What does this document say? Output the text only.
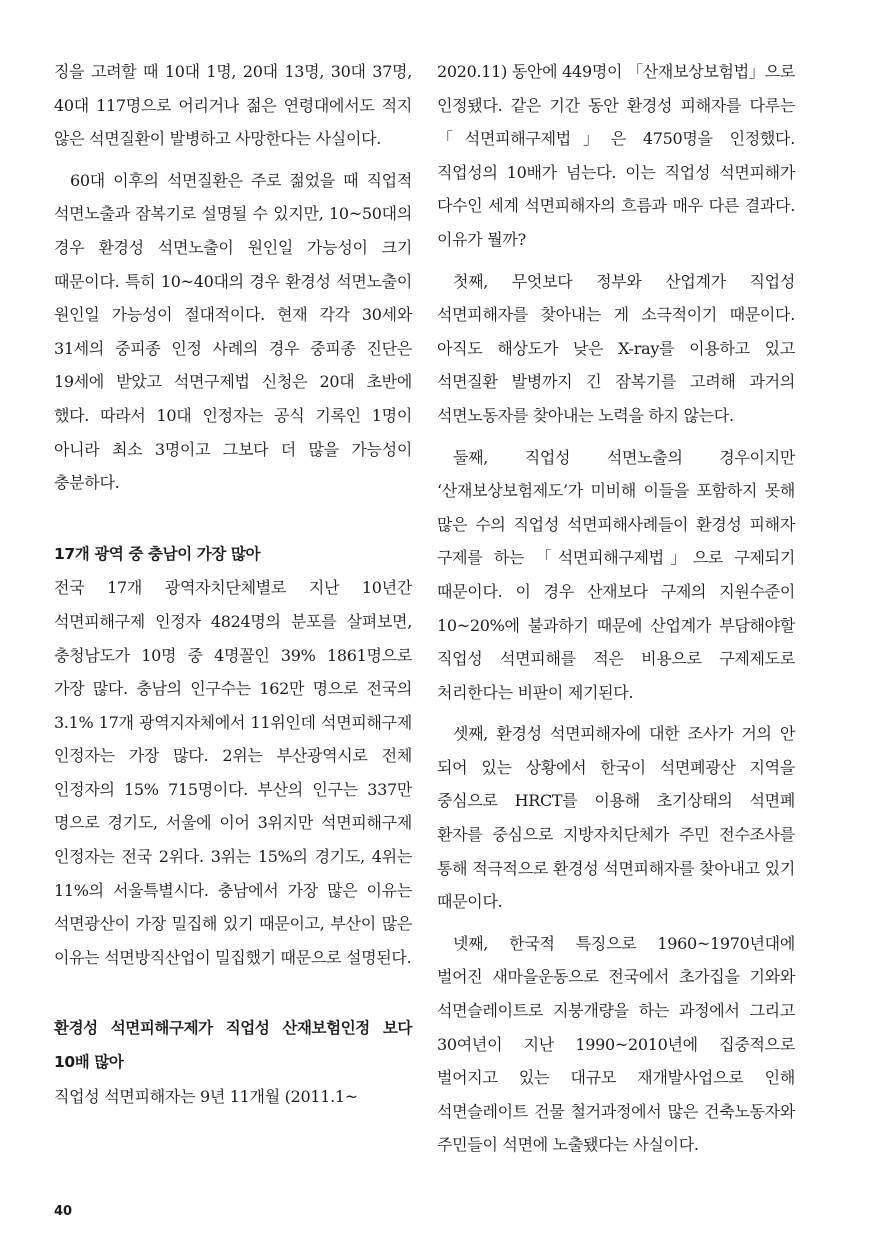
징을 고려할 때 10대 1명, 20대 13명, 30대 37명, 40대 117명으로 어리거나 젊은 연령대에서도 적지 않은 석면질환이 발병하고 사망한다는 사실이다.

60대 이후의 석면질환은 주로 젊었을 때 직업적 석면노출과 잠복기로 설명될 수 있지만, 10~50대의 경우 환경성 석면노출이 원인일 가능성이 크기 때문이다. 특히 10~40대의 경우 환경성 석면노출이 원인일 가능성이 절대적이다. 현재 각각 30세와 31세의 중피종 인정 사례의 경우 중피종 진단은 19세에 받았고 석면구제법 신청은 20대 초반에 했다. 따라서 10대 인정자는 공식 기록인 1명이 아니라 최소 3명이고 그보다 더 많을 가능성이 충분하다.

17개 광역 중 충남이 가장 많아

전국 17개 광역자치단체별로 지난 10년간 석면피해구제 인정자 4824명의 분포를 살펴보면, 충청남도가 10명 중 4명꼴인 39% 1861명으로 가장 많다. 충남의 인구수는 162만 명으로 전국의 3.1% 17개 광역지자체에서 11위인데 석면피해구제 인정자는 가장 많다. 2위는 부산광역시로 전체 인정자의 15% 715명이다. 부산의 인구는 337만 명으로 경기도, 서울에 이어 3위지만 석면피해구제 인정자는 전국 2위다. 3위는 15%의 경기도, 4위는 11%의 서울특별시다. 충남에서 가장 많은 이유는 석면광산이 가장 밀집해 있기 때문이고, 부산이 많은 이유는 석면방직산업이 밀집했기 때문으로 설명된다.

환경성 석면피해구제가 직업성 산재보험인정 보다 10배 많아

직업성 석면피해자는 9년 11개월 (2011.1~

2020.11) 동안에 449명이 「산재보상보험법」으로 인정됐다. 같은 기간 동안 환경성 피해자를 다루는 「석면피해구제법」은 4750명을 인정했다. 직업성의 10배가 넘는다. 이는 직업성 석면피해가 다수인 세계 석면피해자의 흐름과 매우 다른 결과다. 이유가 뭘까?

첫째, 무엇보다 정부와 산업계가 직업성 석면피해자를 찾아내는 게 소극적이기 때문이다. 아직도 해상도가 낮은 X-ray를 이용하고 있고 석면질환 발병까지 긴 잠복기를 고려해 과거의 석면노동자를 찾아내는 노력을 하지 않는다.

둘째, 직업성 석면노출의 경우이지만 ‘산재보상보험제도’가 미비해 이들을 포함하지 못해 많은 수의 직업성 석면피해사례들이 환경성 피해자 구제를 하는 「석면피해구제법」으로 구제되기 때문이다. 이 경우 산재보다 구제의 지원수준이 10~20%에 불과하기 때문에 산업계가 부담해야할 직업성 석면피해를 적은 비용으로 구제제도로 처리한다는 비판이 제기된다.

셋째, 환경성 석면피해자에 대한 조사가 거의 안 되어 있는 상황에서 한국이 석면폐광산 지역을 중심으로 HRCT를 이용해 초기상태의 석면폐 환자를 중심으로 지방자치단체가 주민 전수조사를 통해 적극적으로 환경성 석면피해자를 찾아내고 있기 때문이다.

넷째, 한국적 특징으로 1960~1970년대에 벌어진 새마을운동으로 전국에서 초가집을 기와와 석면슬레이트로 지붕개량을 하는 과정에서 그리고 30여년이 지난 1990~2010년에 집중적으로 벌어지고 있는 대규모 재개발사업으로 인해 석면슬레이트 건물 철거과정에서 많은 건축노동자와 주민들이 석면에 노출됐다는 사실이다.

40
